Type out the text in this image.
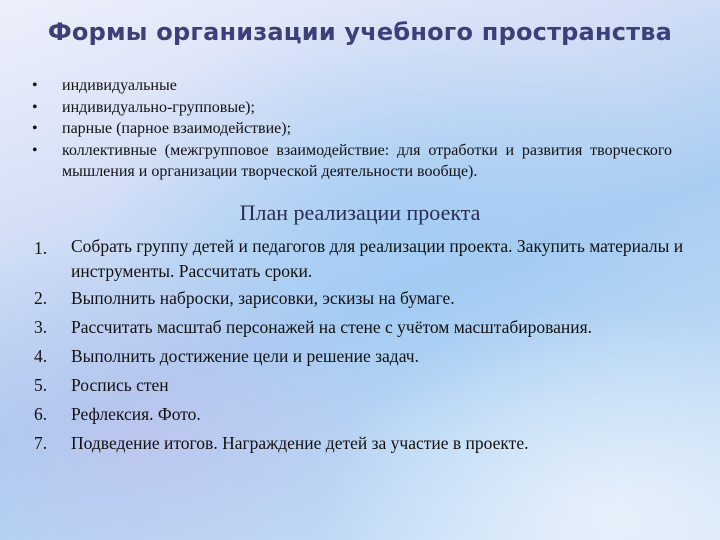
Формы организации учебного пространства
•	индивидуальные
•	индивидуально-групповые);
•	парные (парное взаимодействие);
•	коллективные (межгрупповое взаимодействие: для отработки и развития творческого мышления и организации творческой деятельности вообще).
План реализации проекта
1.	Собрать группу детей и педагогов для реализации проекта. Закупить материалы и инструменты. Рассчитать сроки.
2.	Выполнить наброски, зарисовки, эскизы на бумаге.
3.	Рассчитать масштаб персонажей на стене с учётом масштабирования.
4.	Выполнить достижение цели и решение задач.
5.	Роспись стен
6.	Рефлексия. Фото.
7.	Подведение итогов. Награждение детей за участие в проекте.
